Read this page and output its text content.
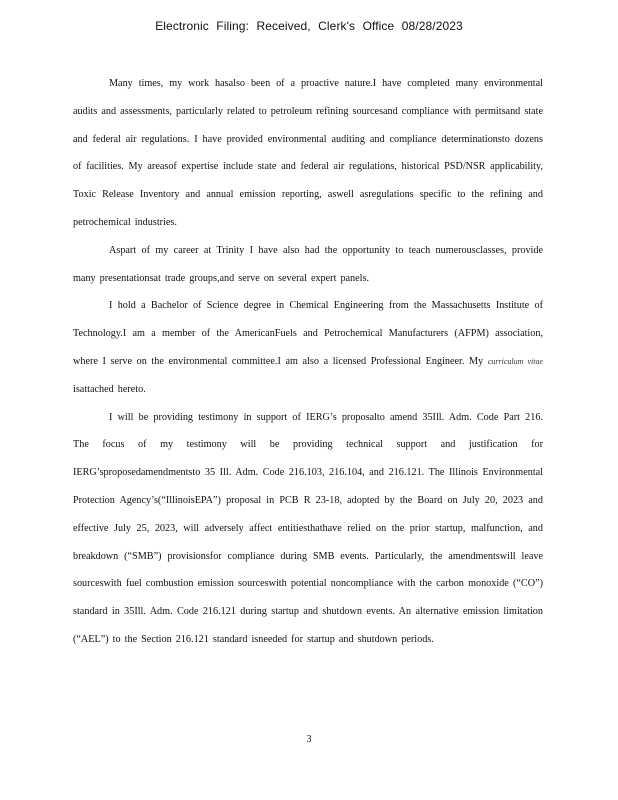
Electronic Filing: Received, Clerk's Office 08/28/2023

Many times, my work hasalso been of a proactive nature.I have completed many environmental audits and assessments, particularly related to petroleum refining sourcesand compliance with permitsand state and federal air regulations. I have provided environmental auditing and compliance determinationsto dozens of facilities. My areasof expertise include state and federal air regulations, historical PSD/NSR applicability, Toxic Release Inventory and annual emission reporting, aswell asregulations specific to the refining and petrochemical industries.

Aspart of my career at Trinity I have also had the opportunity to teach numerousclasses, provide many presentationsat trade groups,and serve on several expert panels.

I hold a Bachelor of Science degree in Chemical Engineering from the Massachusetts Institute of Technology.I am a member of the AmericanFuels and Petrochemical Manufacturers (AFPM) association, where I serve on the environmental committee.I am also a licensed Professional Engineer. My curriculum vitae isattached hereto.

I will be providing testimony in support of IERG’s proposalto amend 35Ill. Adm. Code Part 216. The focus of my testimony will be providing technical support and justification for IERG’sproposedamendmentsto 35 Ill. Adm. Code 216.103, 216.104, and 216.121. The Illinois Environmental Protection Agency’s(“IllinoisEPA”) proposal in PCB R 23-18, adopted by the Board on July 20, 2023 and effective July 25, 2023, will adversely affect entitiesthathave relied on the prior startup, malfunction, and breakdown (“SMB”) provisionsfor compliance during SMB events. Particularly, the amendmentswill leave sourceswith fuel combustion emission sourceswith potential noncompliance with the carbon monoxide (“CO”) standard in 35Ill. Adm. Code 216.121 during startup and shutdown events. An alternative emission limitation (“AEL”) to the Section 216.121 standard isneeded for startup and shutdown periods.

3
